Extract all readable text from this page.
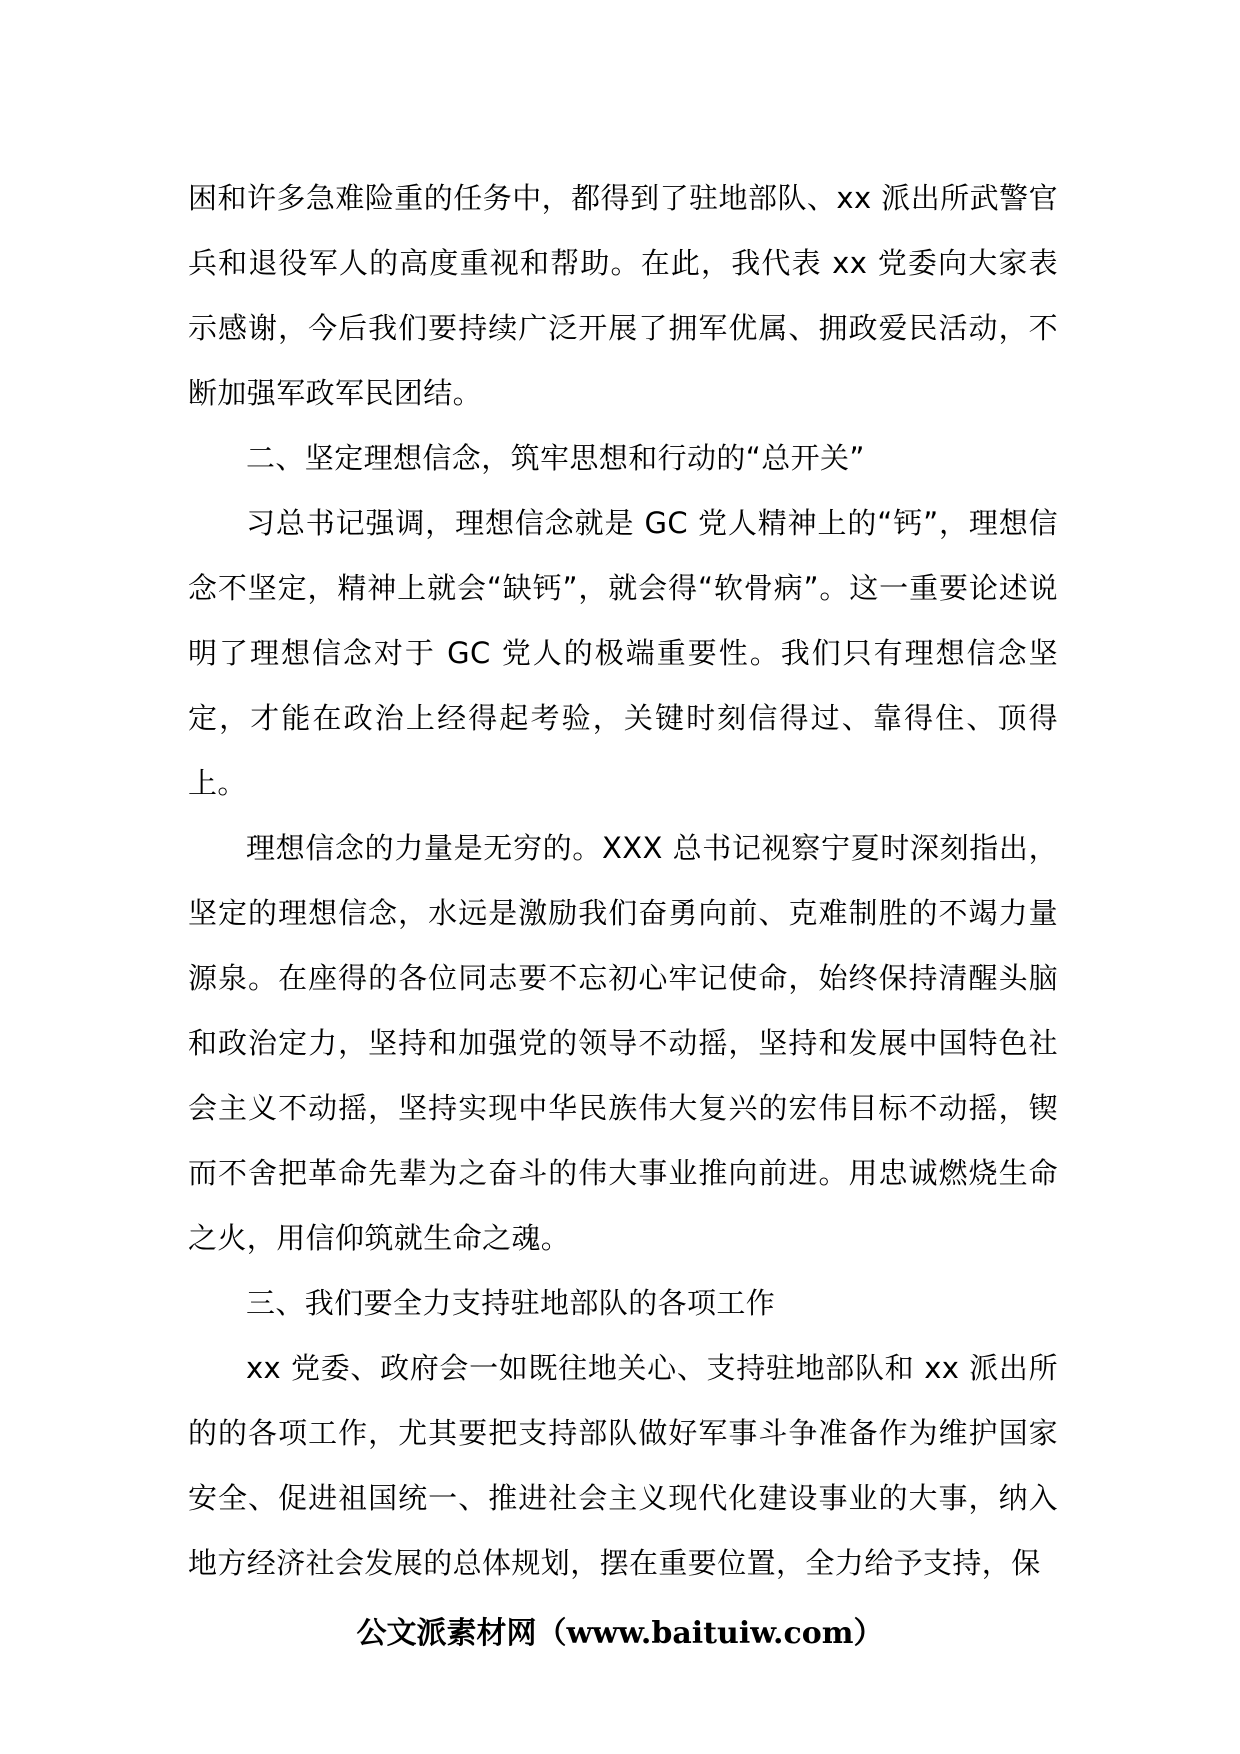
困和许多急难险重的任务中，都得到了驻地部队、xx 派出所武警官兵和退役军人的高度重视和帮助。在此，我代表 xx 党委向大家表示感谢，今后我们要持续广泛开展了拥军优属、拥政爱民活动，不断加强军政军民团结。

二、坚定理想信念，筑牢思想和行动的“总开关”

习总书记强调，理想信念就是 GC 党人精神上的“钙”，理想信念不坚定，精神上就会“缺钙”，就会得“软骨病”。这一重要论述说明了理想信念对于 GC 党人的极端重要性。我们只有理想信念坚定，才能在政治上经得起考验，关键时刻信得过、靠得住、顶得上。

理想信念的力量是无穷的。XXX 总书记视察宁夏时深刻指出，坚定的理想信念，水远是激励我们奋勇向前、克难制胜的不竭力量源泉。在座得的各位同志要不忘初心牢记使命，始终保持清醒头脑和政治定力，坚持和加强党的领导不动摇，坚持和发展中国特色社会主义不动摇，坚持实现中华民族伟大复兴的宏伟目标不动摇，锲而不舍把革命先辈为之奋斗的伟大事业推向前进。用忠诚燃烧生命之火，用信仰筑就生命之魂。

三、我们要全力支持驻地部队的各项工作

xx 党委、政府会一如既往地关心、支持驻地部队和 xx 派出所的的各项工作，尤其要把支持部队做好军事斗争准备作为维护国家安全、促进祖国统一、推进社会主义现代化建设事业的大事，纳入地方经济社会发展的总体规划，摆在重要位置，全力给予支持，保

公文派素材网（www.baituiw.com）
